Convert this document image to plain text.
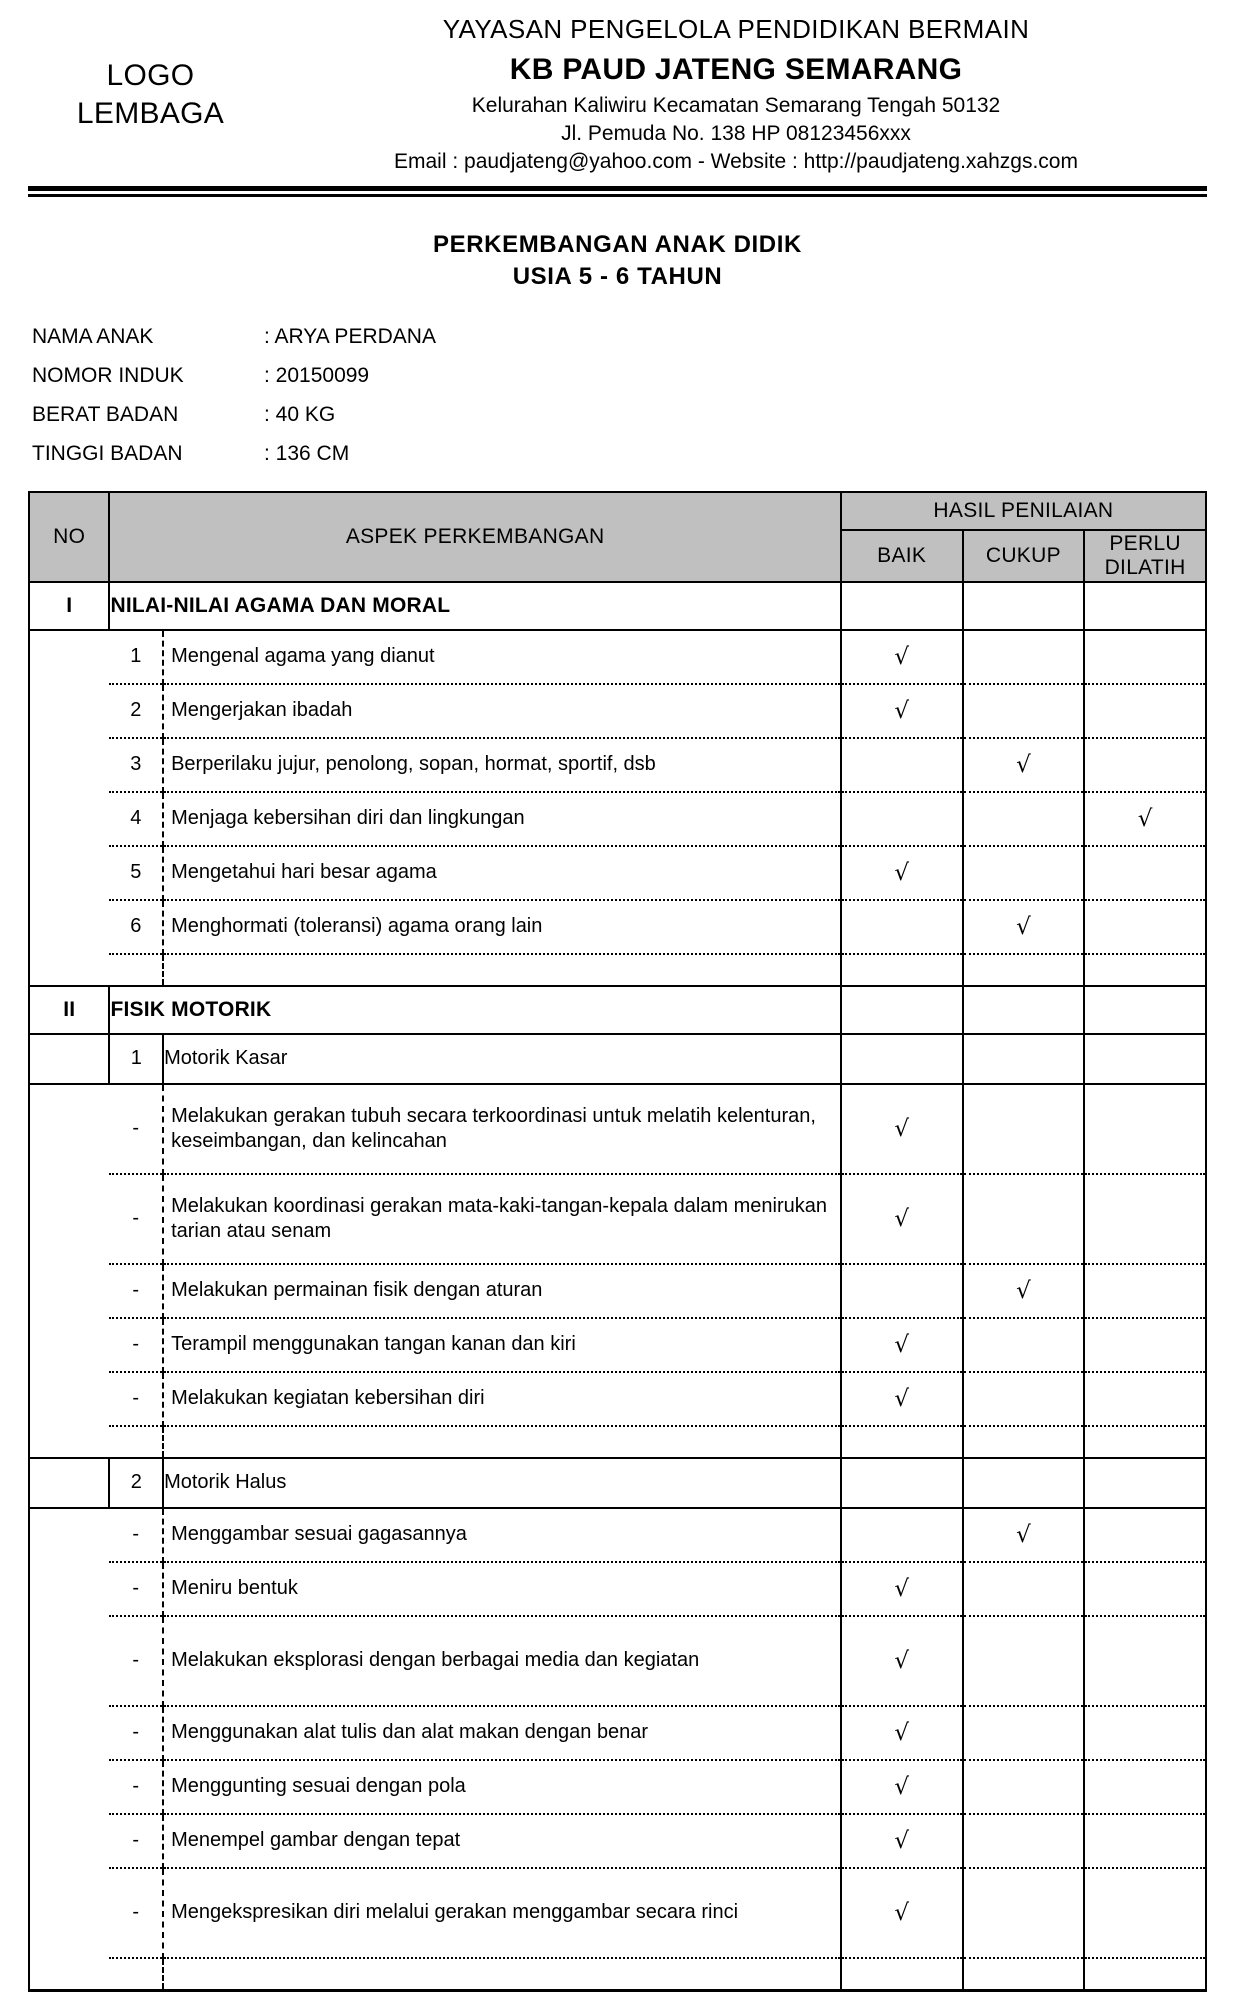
LOGO
LEMBAGA
YAYASAN PENGELOLA PENDIDIKAN BERMAIN
KB PAUD JATENG SEMARANG
Kelurahan Kaliwiru Kecamatan Semarang Tengah 50132
Jl. Pemuda No. 138 HP 08123456xxx
Email : paudjateng@yahoo.com - Website : http://paudjateng.xahzgs.com
PERKEMBANGAN ANAK DIDIK
USIA 5 - 6 TAHUN
NAMA ANAK	: ARYA PERDANA
NOMOR INDUK	: 20150099
BERAT BADAN	: 40 KG
TINGGI BADAN	: 136 CM
NO	ASPEK PERKEMBANGAN		HASIL PENILAIAN		
			BAIK	CUKUP	PERLU DILATIH
I	NILAI-NILAI AGAMA DAN MORAL				
	1	Mengenal agama yang dianut	√		
	2	Mengerjakan ibadah	√		
	3	Berperilaku jujur, penolong, sopan, hormat, sportif, dsb		√	
	4	Menjaga kebersihan diri dan lingkungan			√
	5	Mengetahui hari besar agama	√		
	6	Menghormati (toleransi) agama orang lain		√	

II	FISIK MOTORIK				
	1	Motorik Kasar			
	-	Melakukan gerakan tubuh secara terkoordinasi untuk melatih kelenturan, keseimbangan, dan kelincahan	√		
	-	Melakukan koordinasi gerakan mata-kaki-tangan-kepala dalam menirukan tarian atau senam	√		
	-	Melakukan permainan fisik dengan aturan		√	
	-	Terampil menggunakan tangan kanan dan kiri	√		
	-	Melakukan kegiatan kebersihan diri	√		

	2	Motorik Halus			
	-	Menggambar sesuai gagasannya		√	
	-	Meniru bentuk	√		
	-	Melakukan eksplorasi dengan berbagai media dan kegiatan	√		
	-	Menggunakan alat tulis dan alat makan dengan benar	√		
	-	Menggunting sesuai dengan pola	√		
	-	Menempel gambar dengan tepat	√		
	-	Mengekspresikan diri melalui gerakan menggambar secara rinci	√		
